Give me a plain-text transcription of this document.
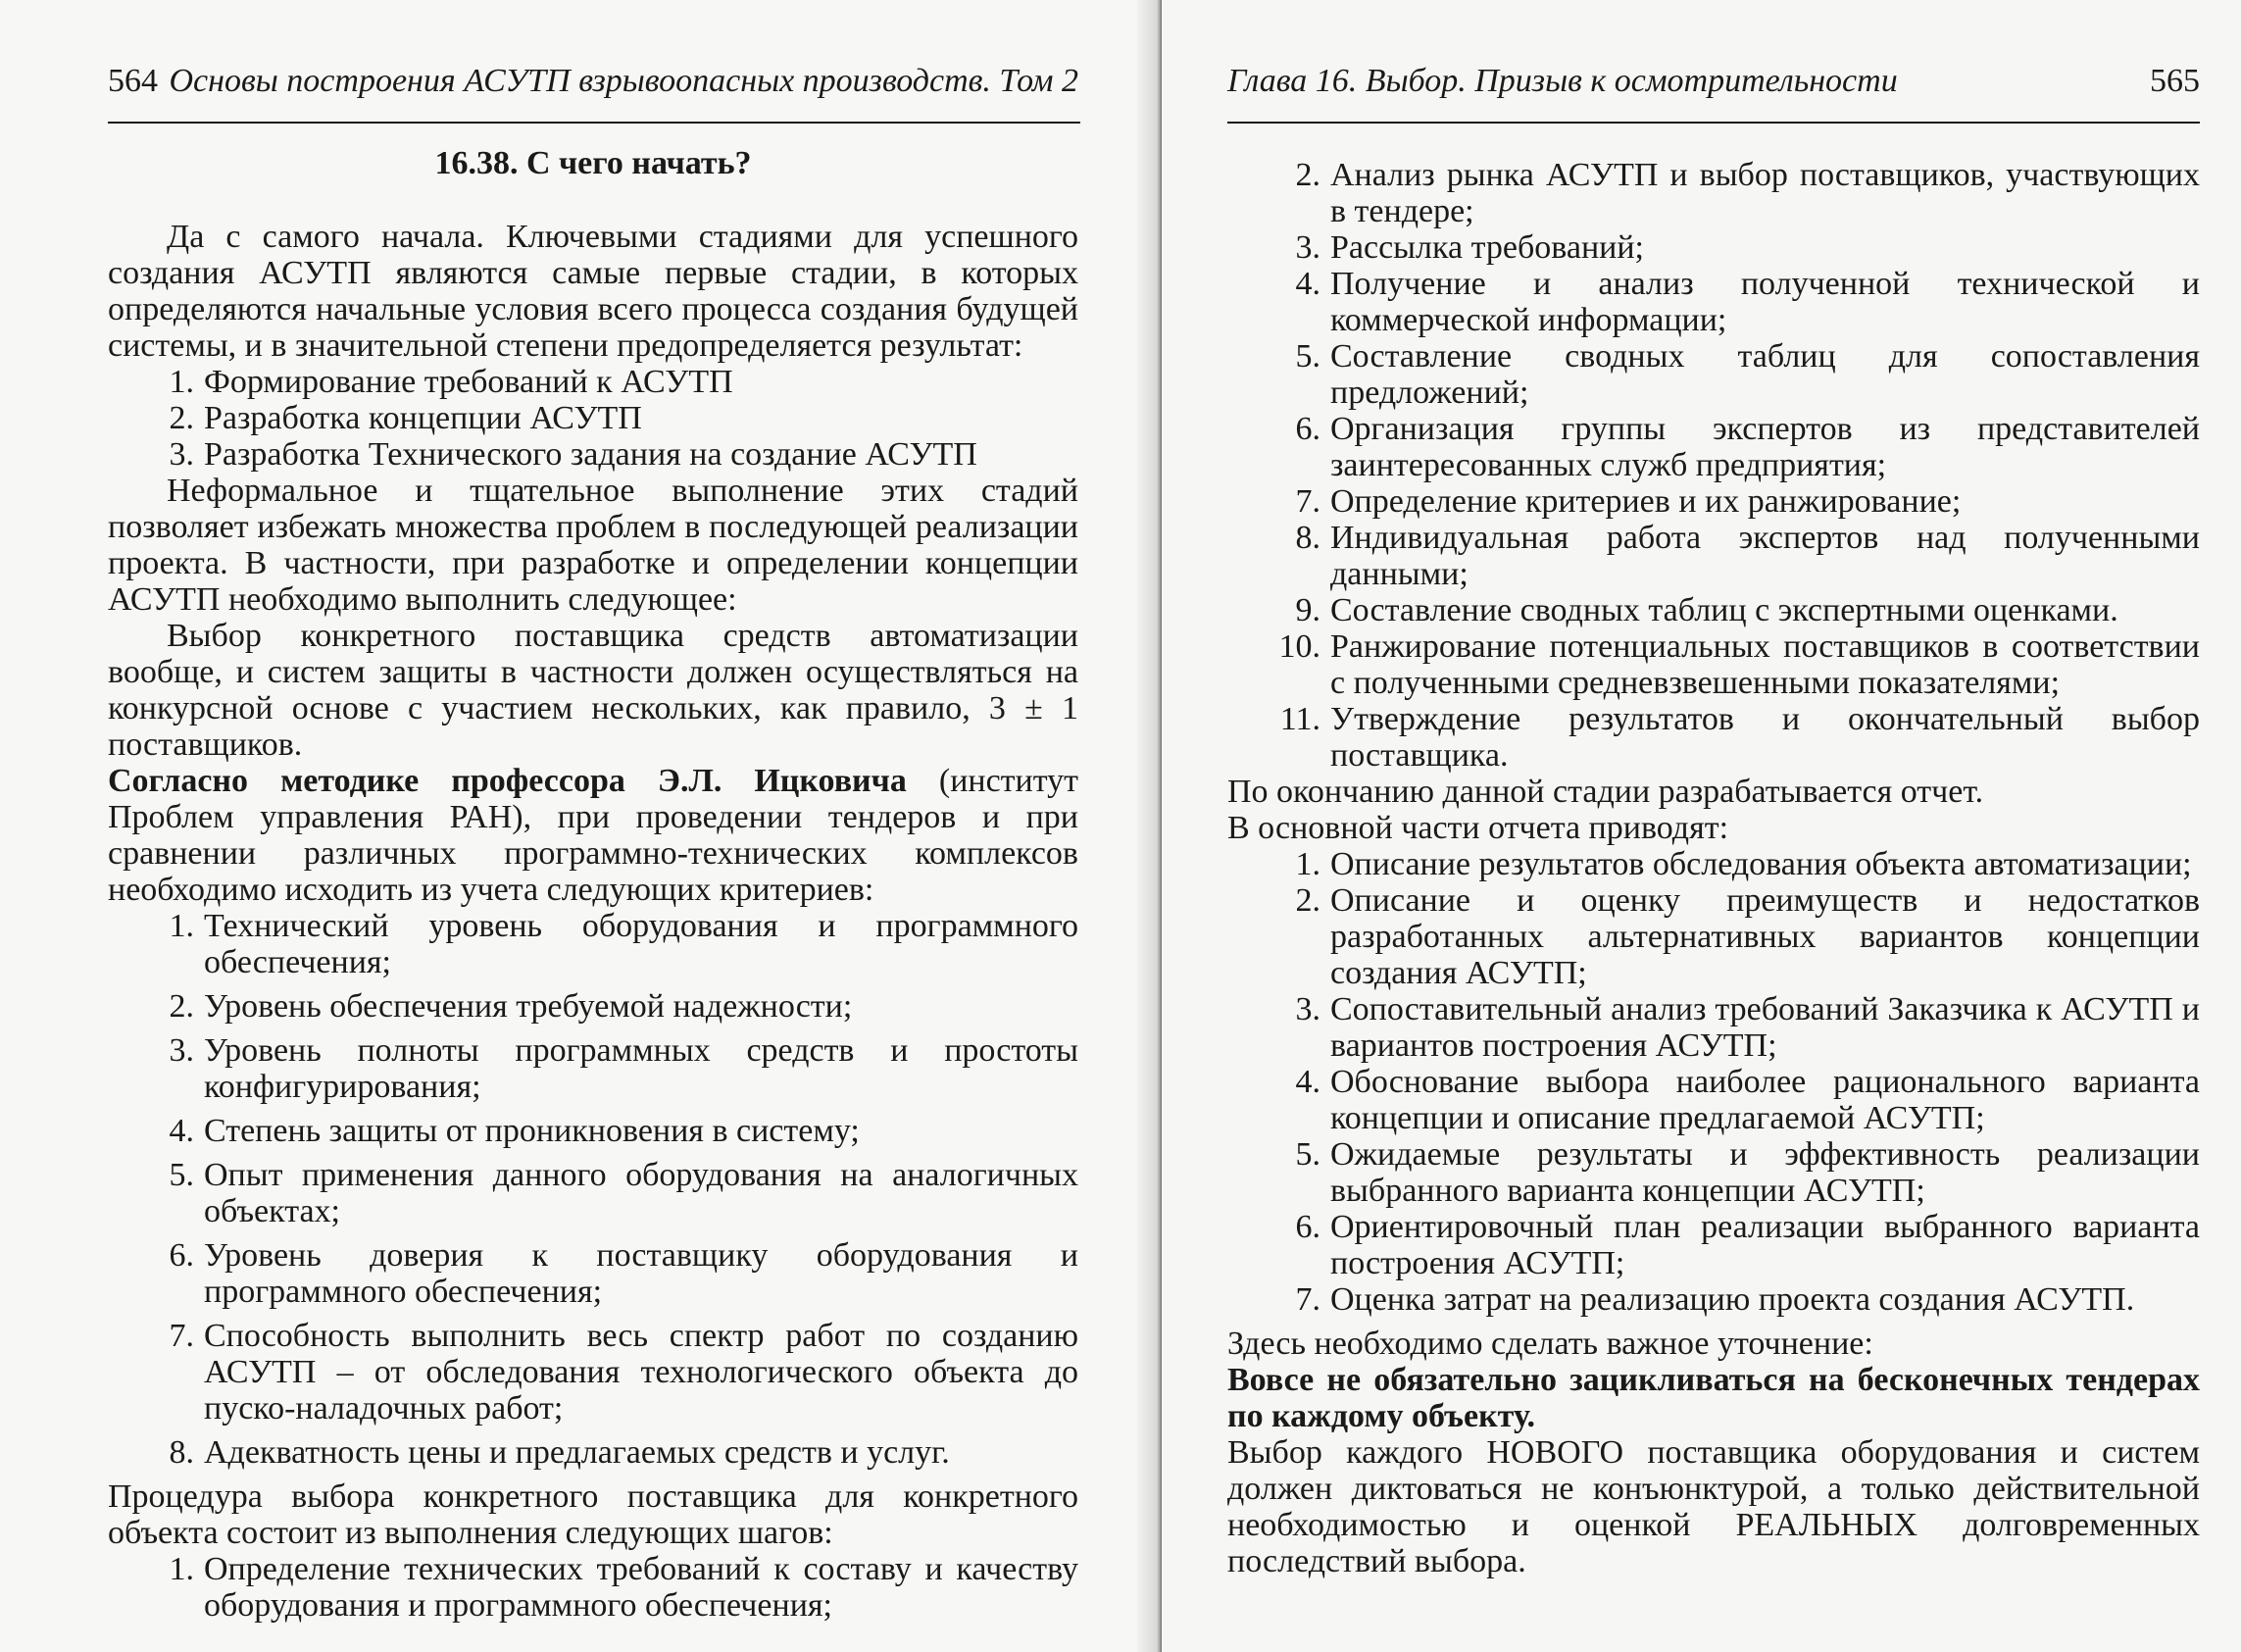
564 Основы построения АСУТП взрывоопасных производств. Том 2
16.38. С чего начать?

Да с самого начала. Ключевыми стадиями для успешного создания АСУТП являются самые первые стадии, в которых определяются начальные условия всего процесса создания будущей системы, и в значительной степени предопределяется результат:

1. Формирование требований к АСУТП
2. Разработка концепции АСУТП
3. Разработка Технического задания на создание АСУТП

Неформальное и тщательное выполнение этих стадий позволяет избежать множества проблем в последующей реализации проекта. В частности, при разработке и определении концепции АСУТП необходимо выполнить следующее:

Выбор конкретного поставщика средств автоматизации вообще, и систем защиты в частности должен осуществляться на конкурсной основе с участием нескольких, как правило, 3 ± 1 поставщиков.

Согласно методике профессора Э.Л. Ицковича (институт Проблем управления РАН), при проведении тендеров и при сравнении различных программно-технических комплексов необходимо исходить из учета следующих критериев:

1. Технический уровень оборудования и программного обеспечения;
2. Уровень обеспечения требуемой надежности;
3. Уровень полноты программных средств и простоты конфигурирования;
4. Степень защиты от проникновения в систему;
5. Опыт применения данного оборудования на аналогичных объектах;
6. Уровень доверия к поставщику оборудования и программного обеспечения;
7. Способность выполнить весь спектр работ по созданию АСУТП – от обследования технологического объекта до пуско-наладочных работ;
8. Адекватность цены и предлагаемых средств и услуг.

Процедура выбора конкретного поставщика для конкретного объекта состоит из выполнения следующих шагов:

1. Определение технических требований к составу и качеству оборудования и программного обеспечения;
Глава 16. Выбор. Призыв к осмотрительности	565
2. Анализ рынка АСУТП и выбор поставщиков, участвующих в тендере;
3. Рассылка требований;
4. Получение и анализ полученной технической и коммерческой информации;
5. Составление сводных таблиц для сопоставления предложений;
6. Организация группы экспертов из представителей заинтересованных служб предприятия;
7. Определение критериев и их ранжирование;
8. Индивидуальная работа экспертов над полученными данными;
9. Составление сводных таблиц с экспертными оценками.
10. Ранжирование потенциальных поставщиков в соответствии с полученными средневзвешенными показателями;
11. Утверждение результатов и окончательный выбор поставщика.

По окончанию данной стадии разрабатывается отчет.

В основной части отчета приводят:

1. Описание результатов обследования объекта автоматизации;
2. Описание и оценку преимуществ и недостатков разработанных альтернативных вариантов концепции создания АСУТП;
3. Сопоставительный анализ требований Заказчика к АСУТП и вариантов построения АСУТП;
4. Обоснование выбора наиболее рационального варианта концепции и описание предлагаемой АСУТП;
5. Ожидаемые результаты и эффективность реализации выбранного варианта концепции АСУТП;
6. Ориентировочный план реализации выбранного варианта построения АСУТП;
7. Оценка затрат на реализацию проекта создания АСУТП.

Здесь необходимо сделать важное уточнение:

Вовсе не обязательно зацикливаться на бесконечных тендерах по каждому объекту.

Выбор каждого НОВОГО поставщика оборудования и систем должен диктоваться не конъюнктурой, а только действительной необходимостью и оценкой РЕАЛЬНЫХ долговременных последствий выбора.
